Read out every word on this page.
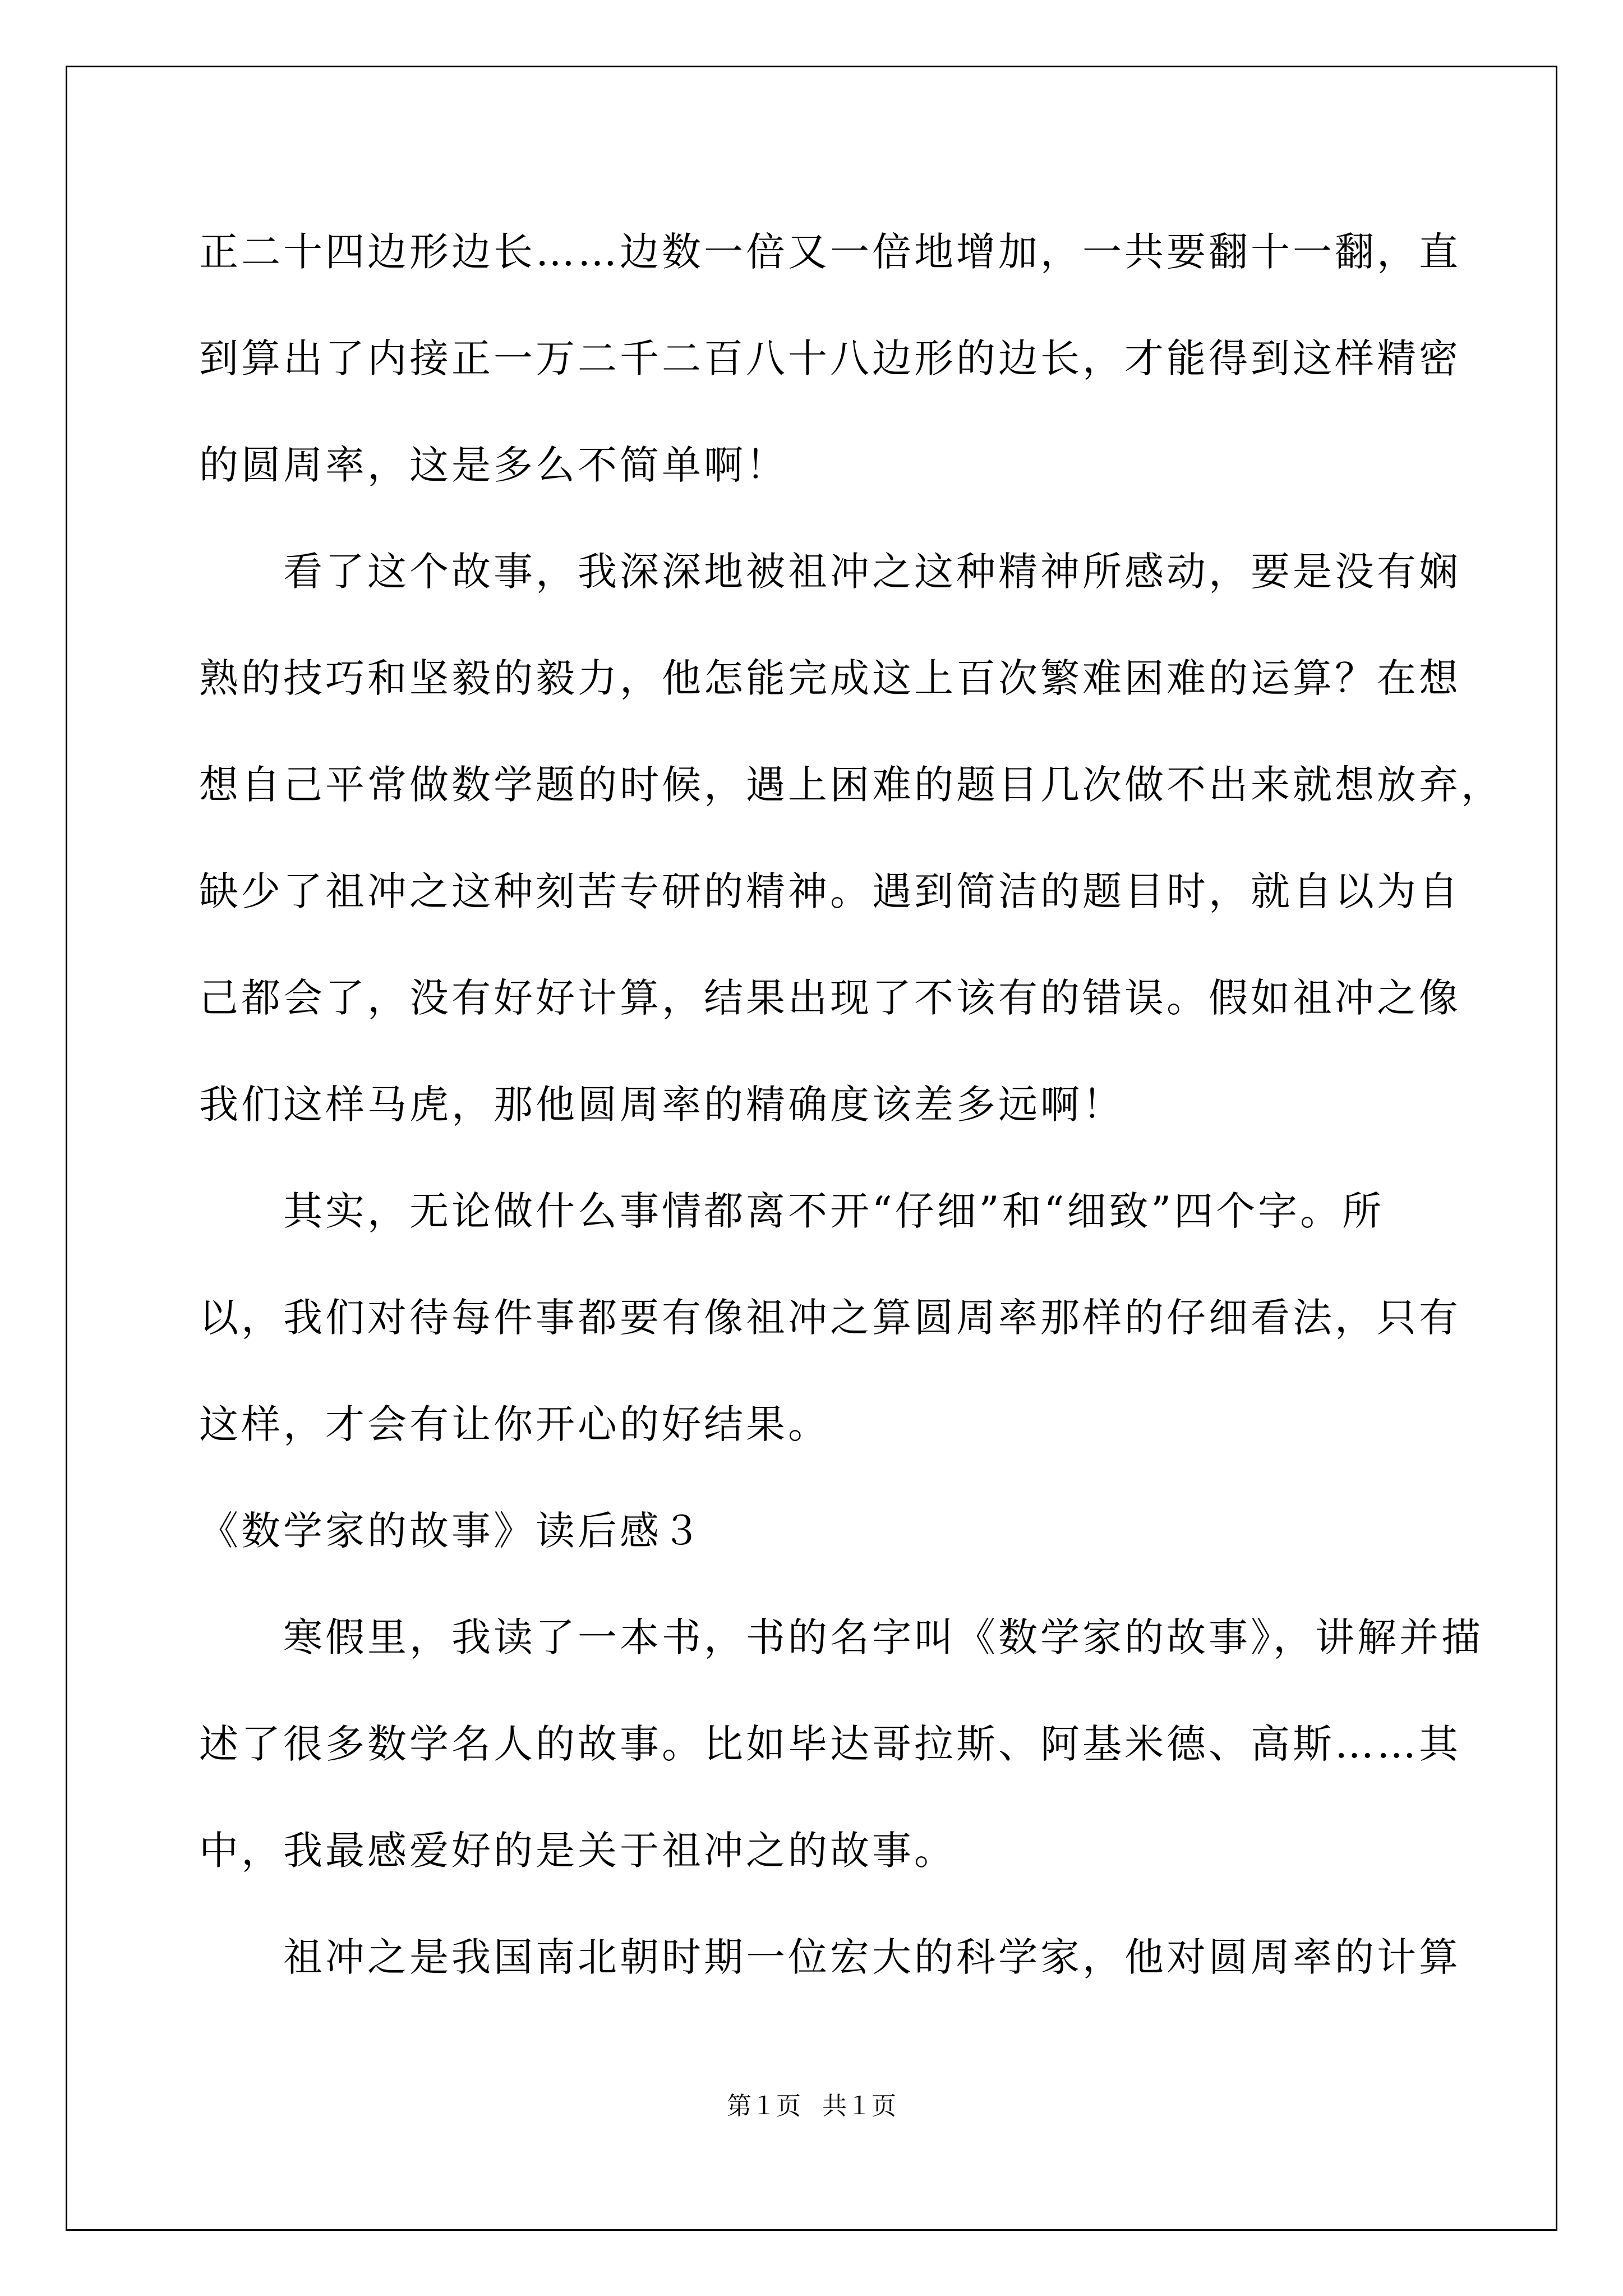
正二十四边形边长……边数一倍又一倍地增加，一共要翻十一翻，直
到算出了内接正一万二千二百八十八边形的边长，才能得到这样精密
的圆周率，这是多么不简单啊！
　　看了这个故事，我深深地被祖冲之这种精神所感动，要是没有娴
熟的技巧和坚毅的毅力，他怎能完成这上百次繁难困难的运算？在想
想自己平常做数学题的时候，遇上困难的题目几次做不出来就想放弃，
缺少了祖冲之这种刻苦专研的精神。遇到简洁的题目时，就自以为自
己都会了，没有好好计算，结果出现了不该有的错误。假如祖冲之像
我们这样马虎，那他圆周率的精确度该差多远啊！
　　其实，无论做什么事情都离不开“仔细”和“细致”四个字。所
以，我们对待每件事都要有像祖冲之算圆周率那样的仔细看法，只有
这样，才会有让你开心的好结果。
《数学家的故事》读后感３
　　寒假里，我读了一本书，书的名字叫《数学家的故事》，讲解并描
述了很多数学名人的故事。比如毕达哥拉斯、阿基米德、高斯……其
中，我最感爱好的是关于祖冲之的故事。
　　祖冲之是我国南北朝时期一位宏大的科学家，他对圆周率的计算
第１页 共１页
